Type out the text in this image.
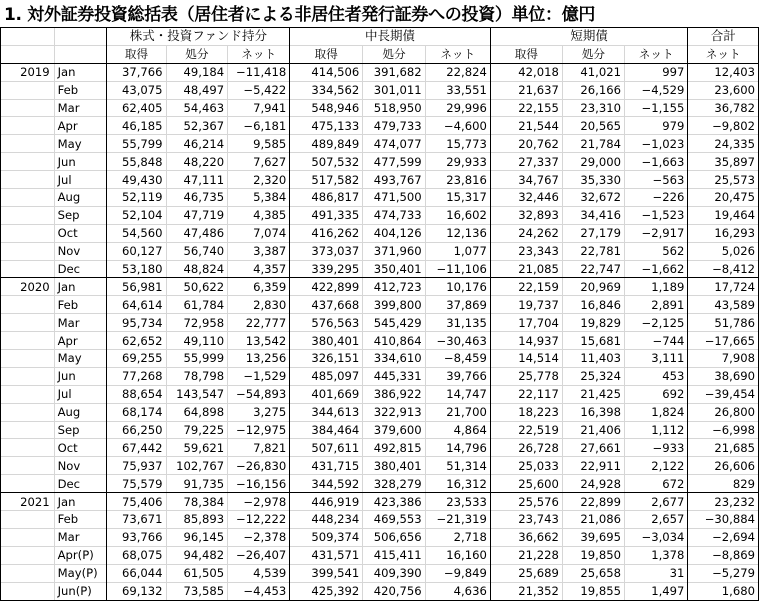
1. 対外証券投資総括表（居住者による非居住者発行証券への投資）単位：億円
		株式・投資ファンド持分			中長期債			短期債			合計
		取得	処分	ネット	取得	処分	ネット	取得	処分	ネット	ネット
2019	Jan	37,766	49,184	−11,418	414,506	391,682	22,824	42,018	41,021	997	12,403
	Feb	43,075	48,497	−5,422	334,562	301,011	33,551	21,637	26,166	−4,529	23,600
	Mar	62,405	54,463	7,941	548,946	518,950	29,996	22,155	23,310	−1,155	36,782
	Apr	46,185	52,367	−6,181	475,133	479,733	−4,600	21,544	20,565	979	−9,802
	May	55,799	46,214	9,585	489,849	474,077	15,773	20,762	21,784	−1,023	24,335
	Jun	55,848	48,220	7,627	507,532	477,599	29,933	27,337	29,000	−1,663	35,897
	Jul	49,430	47,111	2,320	517,582	493,767	23,816	34,767	35,330	−563	25,573
	Aug	52,119	46,735	5,384	486,817	471,500	15,317	32,446	32,672	−226	20,475
	Sep	52,104	47,719	4,385	491,335	474,733	16,602	32,893	34,416	−1,523	19,464
	Oct	54,560	47,486	7,074	416,262	404,126	12,136	24,262	27,179	−2,917	16,293
	Nov	60,127	56,740	3,387	373,037	371,960	1,077	23,343	22,781	562	5,026
	Dec	53,180	48,824	4,357	339,295	350,401	−11,106	21,085	22,747	−1,662	−8,412
2020	Jan	56,981	50,622	6,359	422,899	412,723	10,176	22,159	20,969	1,189	17,724
	Feb	64,614	61,784	2,830	437,668	399,800	37,869	19,737	16,846	2,891	43,589
	Mar	95,734	72,958	22,777	576,563	545,429	31,135	17,704	19,829	−2,125	51,786
	Apr	62,652	49,110	13,542	380,401	410,864	−30,463	14,937	15,681	−744	−17,665
	May	69,255	55,999	13,256	326,151	334,610	−8,459	14,514	11,403	3,111	7,908
	Jun	77,268	78,798	−1,529	485,097	445,331	39,766	25,778	25,324	453	38,690
	Jul	88,654	143,547	−54,893	401,669	386,922	14,747	22,117	21,425	692	−39,454
	Aug	68,174	64,898	3,275	344,613	322,913	21,700	18,223	16,398	1,824	26,800
	Sep	66,250	79,225	−12,975	384,464	379,600	4,864	22,519	21,406	1,112	−6,998
	Oct	67,442	59,621	7,821	507,611	492,815	14,796	26,728	27,661	−933	21,685
	Nov	75,937	102,767	−26,830	431,715	380,401	51,314	25,033	22,911	2,122	26,606
	Dec	75,579	91,735	−16,156	344,592	328,279	16,312	25,600	24,928	672	829
2021	Jan	75,406	78,384	−2,978	446,919	423,386	23,533	25,576	22,899	2,677	23,232
	Feb	73,671	85,893	−12,222	448,234	469,553	−21,319	23,743	21,086	2,657	−30,884
	Mar	93,766	96,145	−2,378	509,374	506,656	2,718	36,662	39,695	−3,034	−2,694
	Apr(P)	68,075	94,482	−26,407	431,571	415,411	16,160	21,228	19,850	1,378	−8,869
	May(P)	66,044	61,505	4,539	399,541	409,390	−9,849	25,689	25,658	31	−5,279
	Jun(P)	69,132	73,585	−4,453	425,392	420,756	4,636	21,352	19,855	1,497	1,680
